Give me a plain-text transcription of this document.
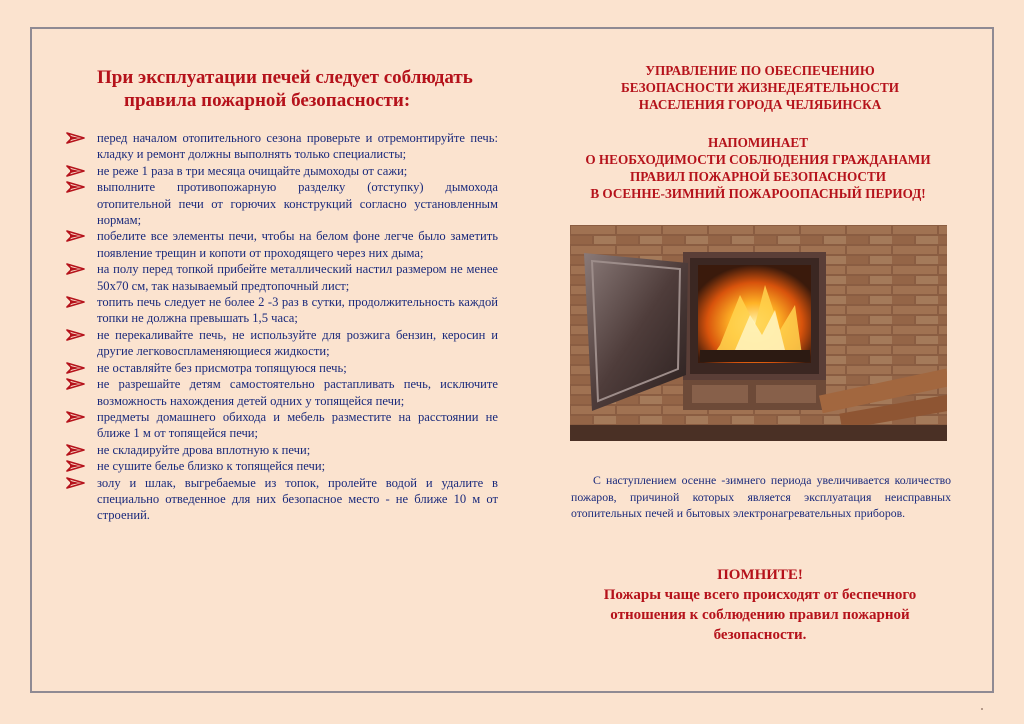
При эксплуатации печей следует соблюдать
правила пожарной безопасности:
перед началом отопительного сезона проверьте и отремонтируйте печь: кладку и ремонт должны выполнять только специалисты;
не реже 1 раза в три месяца очищайте дымоходы от сажи;
выполните противопожарную разделку (отступку) дымохода отопительной печи от горючих конструкций согласно установленным нормам;
побелите все элементы печи, чтобы на белом фоне легче было заметить появление трещин и копоти от проходящего через них дыма;
на полу перед топкой прибейте металлический настил размером не менее 50х70 см, так называемый предтопочный лист;
топить печь следует не более 2 -3 раз в сутки, продолжительность каждой топки не должна превышать 1,5 часа;
не перекаливайте печь, не используйте для розжига бензин, керосин и другие легковоспламеняющиеся жидкости;
не оставляйте без присмотра топящуюся печь;
не разрешайте детям самостоятельно растапливать печь, исключите возможность нахождения детей одних у топящейся печи;
предметы домашнего обихода и мебель разместите на расстоянии не ближе 1 м от топящейся печи;
не складируйте дрова вплотную к печи;
не сушите белье близко к топящейся печи;
золу и шлак, выгребаемые из топок, пролейте водой и удалите в специально отведенное для них безопасное место - не ближе 10 м от строений.
УПРАВЛЕНИЕ ПО ОБЕСПЕЧЕНИЮ
БЕЗОПАСНОСТИ ЖИЗНЕДЕЯТЕЛЬНОСТИ
НАСЕЛЕНИЯ ГОРОДА ЧЕЛЯБИНСКА
НАПОМИНАЕТ
О НЕОБХОДИМОСТИ СОБЛЮДЕНИЯ ГРАЖДАНАМИ
ПРАВИЛ ПОЖАРНОЙ БЕЗОПАСНОСТИ
В ОСЕННЕ-ЗИМНИЙ ПОЖАРООПАСНЫЙ ПЕРИОД!
С наступлением осенне -зимнего периода увеличивается количество пожаров, причиной которых является эксплуатация неисправных отопительных печей и бытовых электронагревательных приборов.
ПОМНИТЕ!
Пожары чаще всего происходят от беспечного
отношения к соблюдению правил пожарной
безопасности.
